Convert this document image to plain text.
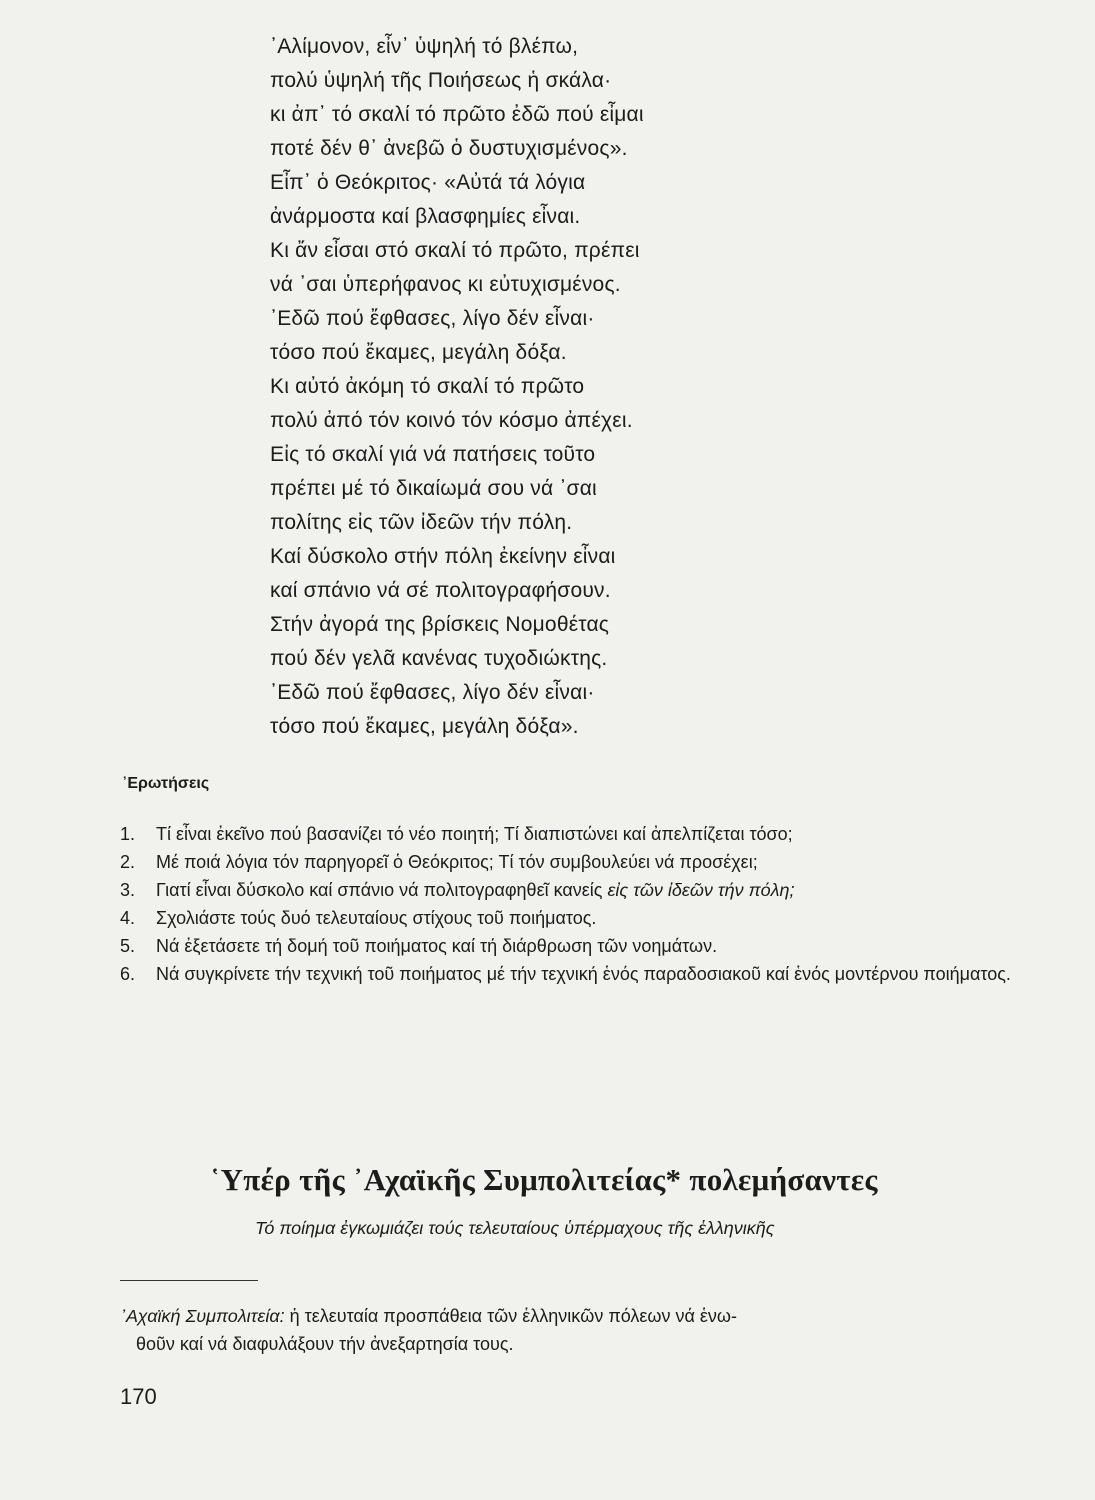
᾿Αλίμονον, εἶν᾿ ὑψηλή τό βλέπω,
πολύ ὑψηλή τῆς Ποιήσεως ἡ σκάλα·
κι ἀπ᾿ τό σκαλί τό πρῶτο ἐδῶ πού εἶμαι
ποτέ δέν θ᾿ ἀνεβῶ ὁ δυστυχισμένος».
Εἶπ᾿ ὁ Θεόκριτος· «Αὐτά τά λόγια
ἀνάρμοστα καί βλασφημίες εἶναι.
Κι ἄν εἶσαι στό σκαλί τό πρῶτο, πρέπει
νά ᾿σαι ὑπερήφανος κι εὐτυχισμένος.
᾿Εδῶ πού ἔφθασες, λίγο δέν εἶναι·
τόσο πού ἔκαμες, μεγάλη δόξα.
Κι αὐτό ἀκόμη τό σκαλί τό πρῶτο
πολύ ἀπό τόν κοινό τόν κόσμο ἀπέχει.
Εἰς τό σκαλί γιά νά πατήσεις τοῦτο
πρέπει μέ τό δικαίωμά σου νά ᾿σαι
πολίτης εἰς τῶν ἰδεῶν τήν πόλη.
Καί δύσκολο στήν πόλη ἐκείνην εἶναι
καί σπάνιο νά σέ πολιτογραφήσουν.
Στήν ἀγορά της βρίσκεις Νομοθέτας
πού δέν γελᾶ κανένας τυχοδιώκτης.
᾿Εδῶ πού ἔφθασες, λίγο δέν εἶναι·
τόσο πού ἔκαμες, μεγάλη δόξα».
᾿Ερωτήσεις
1.	Τί εἶναι ἐκεῖνο πού βασανίζει τό νέο ποιητή; Τί διαπιστώνει καί ἀπελπίζεται τόσο;
2.	Μέ ποιά λόγια τόν παρηγορεῖ ὁ Θεόκριτος; Τί τόν συμβουλεύει νά προσέχει;
3.	Γιατί εἶναι δύσκολο καί σπάνιο νά πολιτογραφηθεῖ κανείς εἰς τῶν ἰδεῶν τήν πόλη;
4.	Σχολιάστε τούς δυό τελευταίους στίχους τοῦ ποιήματος.
5.	Νά ἐξετάσετε τή δομή τοῦ ποιήματος καί τή διάρθρωση τῶν νοημάτων.
6.	Νά συγκρίνετε τήν τεχνική τοῦ ποιήματος μέ τήν τεχνική ἑνός παραδοσιακοῦ καί ἑνός μοντέρνου ποιήματος.
῾Υπέρ τῆς ᾿Αχαϊκῆς Συμπολιτείας* πολεμήσαντες
Τό ποίημα ἐγκωμιάζει τούς τελευταίους ὑπέρμαχους τῆς ἑλληνικῆς
᾿Αχαϊκή Συμπολιτεία: ἡ τελευταία προσπάθεια τῶν ἑλληνικῶν πόλεων νά ἑνω-
θοῦν καί νά διαφυλάξουν τήν ἀνεξαρτησία τους.
170
